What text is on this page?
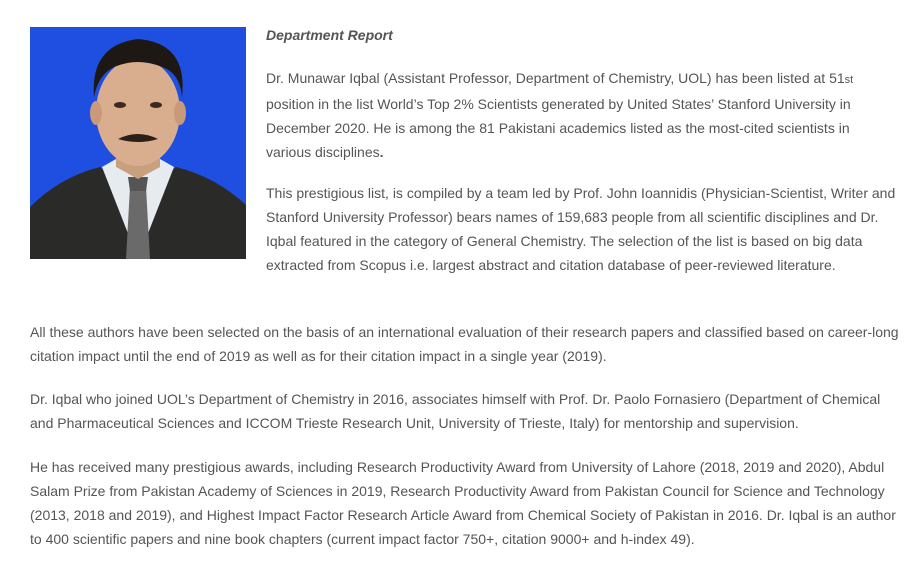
Department Report

Dr. Munawar Iqbal (Assistant Professor, Department of Chemistry, UOL) has been listed at 51st position in the list World’s Top 2% Scientists generated by United States’ Stanford University in December 2020. He is among the 81 Pakistani academics listed as the most-cited scientists in various disciplines.

This prestigious list, is compiled by a team led by Prof. John Ioannidis (Physician-Scientist, Writer and Stanford University Professor) bears names of 159,683 people from all scientific disciplines and Dr. Iqbal featured in the category of General Chemistry. The selection of the list is based on big data extracted from Scopus i.e. largest abstract and citation database of peer-reviewed literature.

All these authors have been selected on the basis of an international evaluation of their research papers and classified based on career-long citation impact until the end of 2019 as well as for their citation impact in a single year (2019).

Dr. Iqbal who joined UOL’s Department of Chemistry in 2016, associates himself with Prof. Dr. Paolo Fornasiero (Department of Chemical and Pharmaceutical Sciences and ICCOM Trieste Research Unit, University of Trieste, Italy) for mentorship and supervision.

He has received many prestigious awards, including Research Productivity Award from University of Lahore (2018, 2019 and 2020), Abdul Salam Prize from Pakistan Academy of Sciences in 2019, Research Productivity Award from Pakistan Council for Science and Technology (2013, 2018 and 2019), and Highest Impact Factor Research Article Award from Chemical Society of Pakistan in 2016. Dr. Iqbal is an author to 400 scientific papers and nine book chapters (current impact factor 750+, citation 9000+ and h-index 49).
